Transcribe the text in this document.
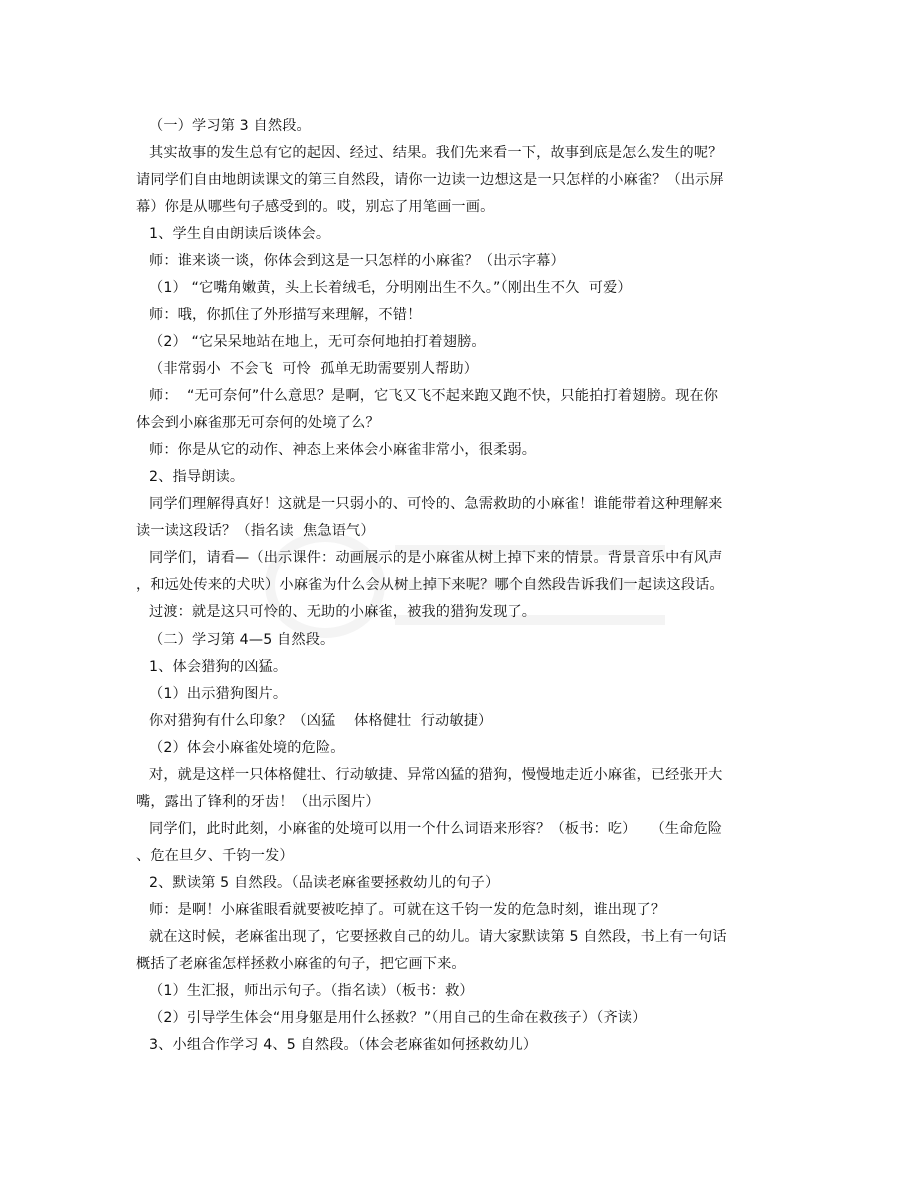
（一）学习第 3 自然段。
其实故事的发生总有它的起因、经过、结果。我们先来看一下，故事到底是怎么发生的呢？
请同学们自由地朗读课文的第三自然段，请你一边读一边想这是一只怎样的小麻雀？（出示屏
幕）你是从哪些句子感受到的。哎，别忘了用笔画一画。
1、学生自由朗读后谈体会。
师：谁来谈一谈，你体会到这是一只怎样的小麻雀？（出示字幕）
（1） “它嘴角嫩黄，头上长着绒毛，分明刚出生不久。”（刚出生不久  可爱）
师：哦，你抓住了外形描写来理解，不错！
（2） “它呆呆地站在地上，无可奈何地拍打着翅膀。
（非常弱小  不会飞  可怜  孤单无助需要别人帮助）
师：  “无可奈何”什么意思？是啊，它飞又飞不起来跑又跑不快，只能拍打着翅膀。现在你
体会到小麻雀那无可奈何的处境了么？
师：你是从它的动作、神态上来体会小麻雀非常小，很柔弱。
2、指导朗读。
同学们理解得真好！这就是一只弱小的、可怜的、急需救助的小麻雀！谁能带着这种理解来
读一读这段话？（指名读  焦急语气）
同学们，请看—（出示课件：动画展示的是小麻雀从树上掉下来的情景。背景音乐中有风声
，和远处传来的犬吠）小麻雀为什么会从树上掉下来呢？哪个自然段告诉我们一起读这段话。
过渡：就是这只可怜的、无助的小麻雀，被我的猎狗发现了。
（二）学习第 4—5 自然段。
1、体会猎狗的凶猛。
（1）出示猎狗图片。
你对猎狗有什么印象？（凶猛    体格健壮  行动敏捷）
（2）体会小麻雀处境的危险。
对，就是这样一只体格健壮、行动敏捷、异常凶猛的猎狗，慢慢地走近小麻雀，已经张开大
嘴，露出了锋利的牙齿！（出示图片）
同学们，此时此刻，小麻雀的处境可以用一个什么词语来形容？（板书：吃）   （生命危险
、危在旦夕、千钧一发）
2、默读第 5 自然段。（品读老麻雀要拯救幼儿的句子）
师：是啊！小麻雀眼看就要被吃掉了。可就在这千钧一发的危急时刻，谁出现了？
就在这时候，老麻雀出现了，它要拯救自己的幼儿。请大家默读第 5 自然段，书上有一句话
概括了老麻雀怎样拯救小麻雀的句子，把它画下来。
（1）生汇报，师出示句子。（指名读）（板书：救）
（2）引导学生体会“用身躯是用什么拯救？”（用自己的生命在救孩子）（齐读）
3、小组合作学习 4、5 自然段。（体会老麻雀如何拯救幼儿）
